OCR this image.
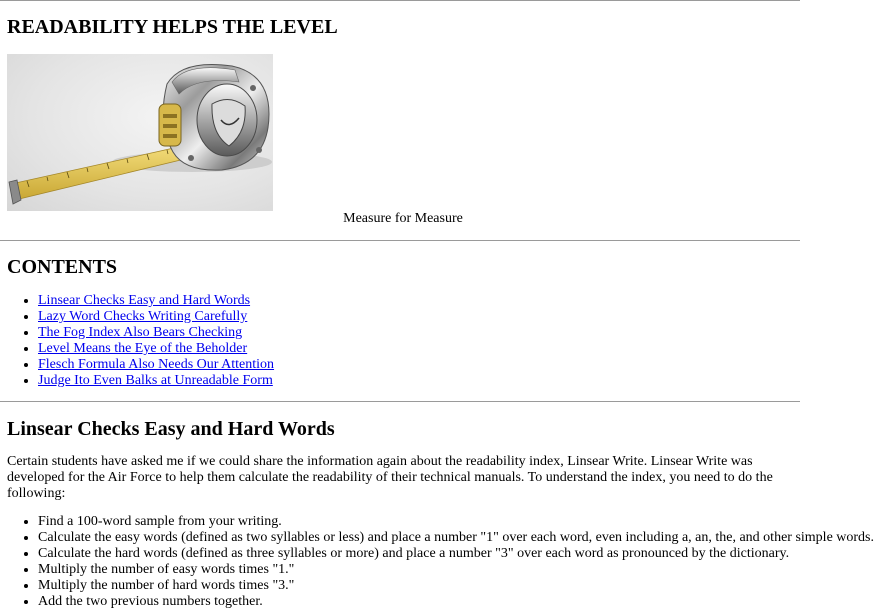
READABILITY HELPS THE LEVEL
Measure for Measure
CONTENTS
• Linsear Checks Easy and Hard Words
• Lazy Word Checks Writing Carefully
• The Fog Index Also Bears Checking
• Level Means the Eye of the Beholder
• Flesch Formula Also Needs Our Attention
• Judge Ito Even Balks at Unreadable Form
Linsear Checks Easy and Hard Words

Certain students have asked me if we could share the information again about the readability index, Linsear Write. Linsear Write was developed for the Air Force to help them calculate the readability of their technical manuals. To understand the index, you need to do the following:

• Find a 100-word sample from your writing.
• Calculate the easy words (defined as two syllables or less) and place a number "1" over each word, even including a, an, the, and other simple words.
• Calculate the hard words (defined as three syllables or more) and place a number "3" over each word as pronounced by the dictionary.
• Multiply the number of easy words times "1."
• Multiply the number of hard words times "3."
• Add the two previous numbers together.
